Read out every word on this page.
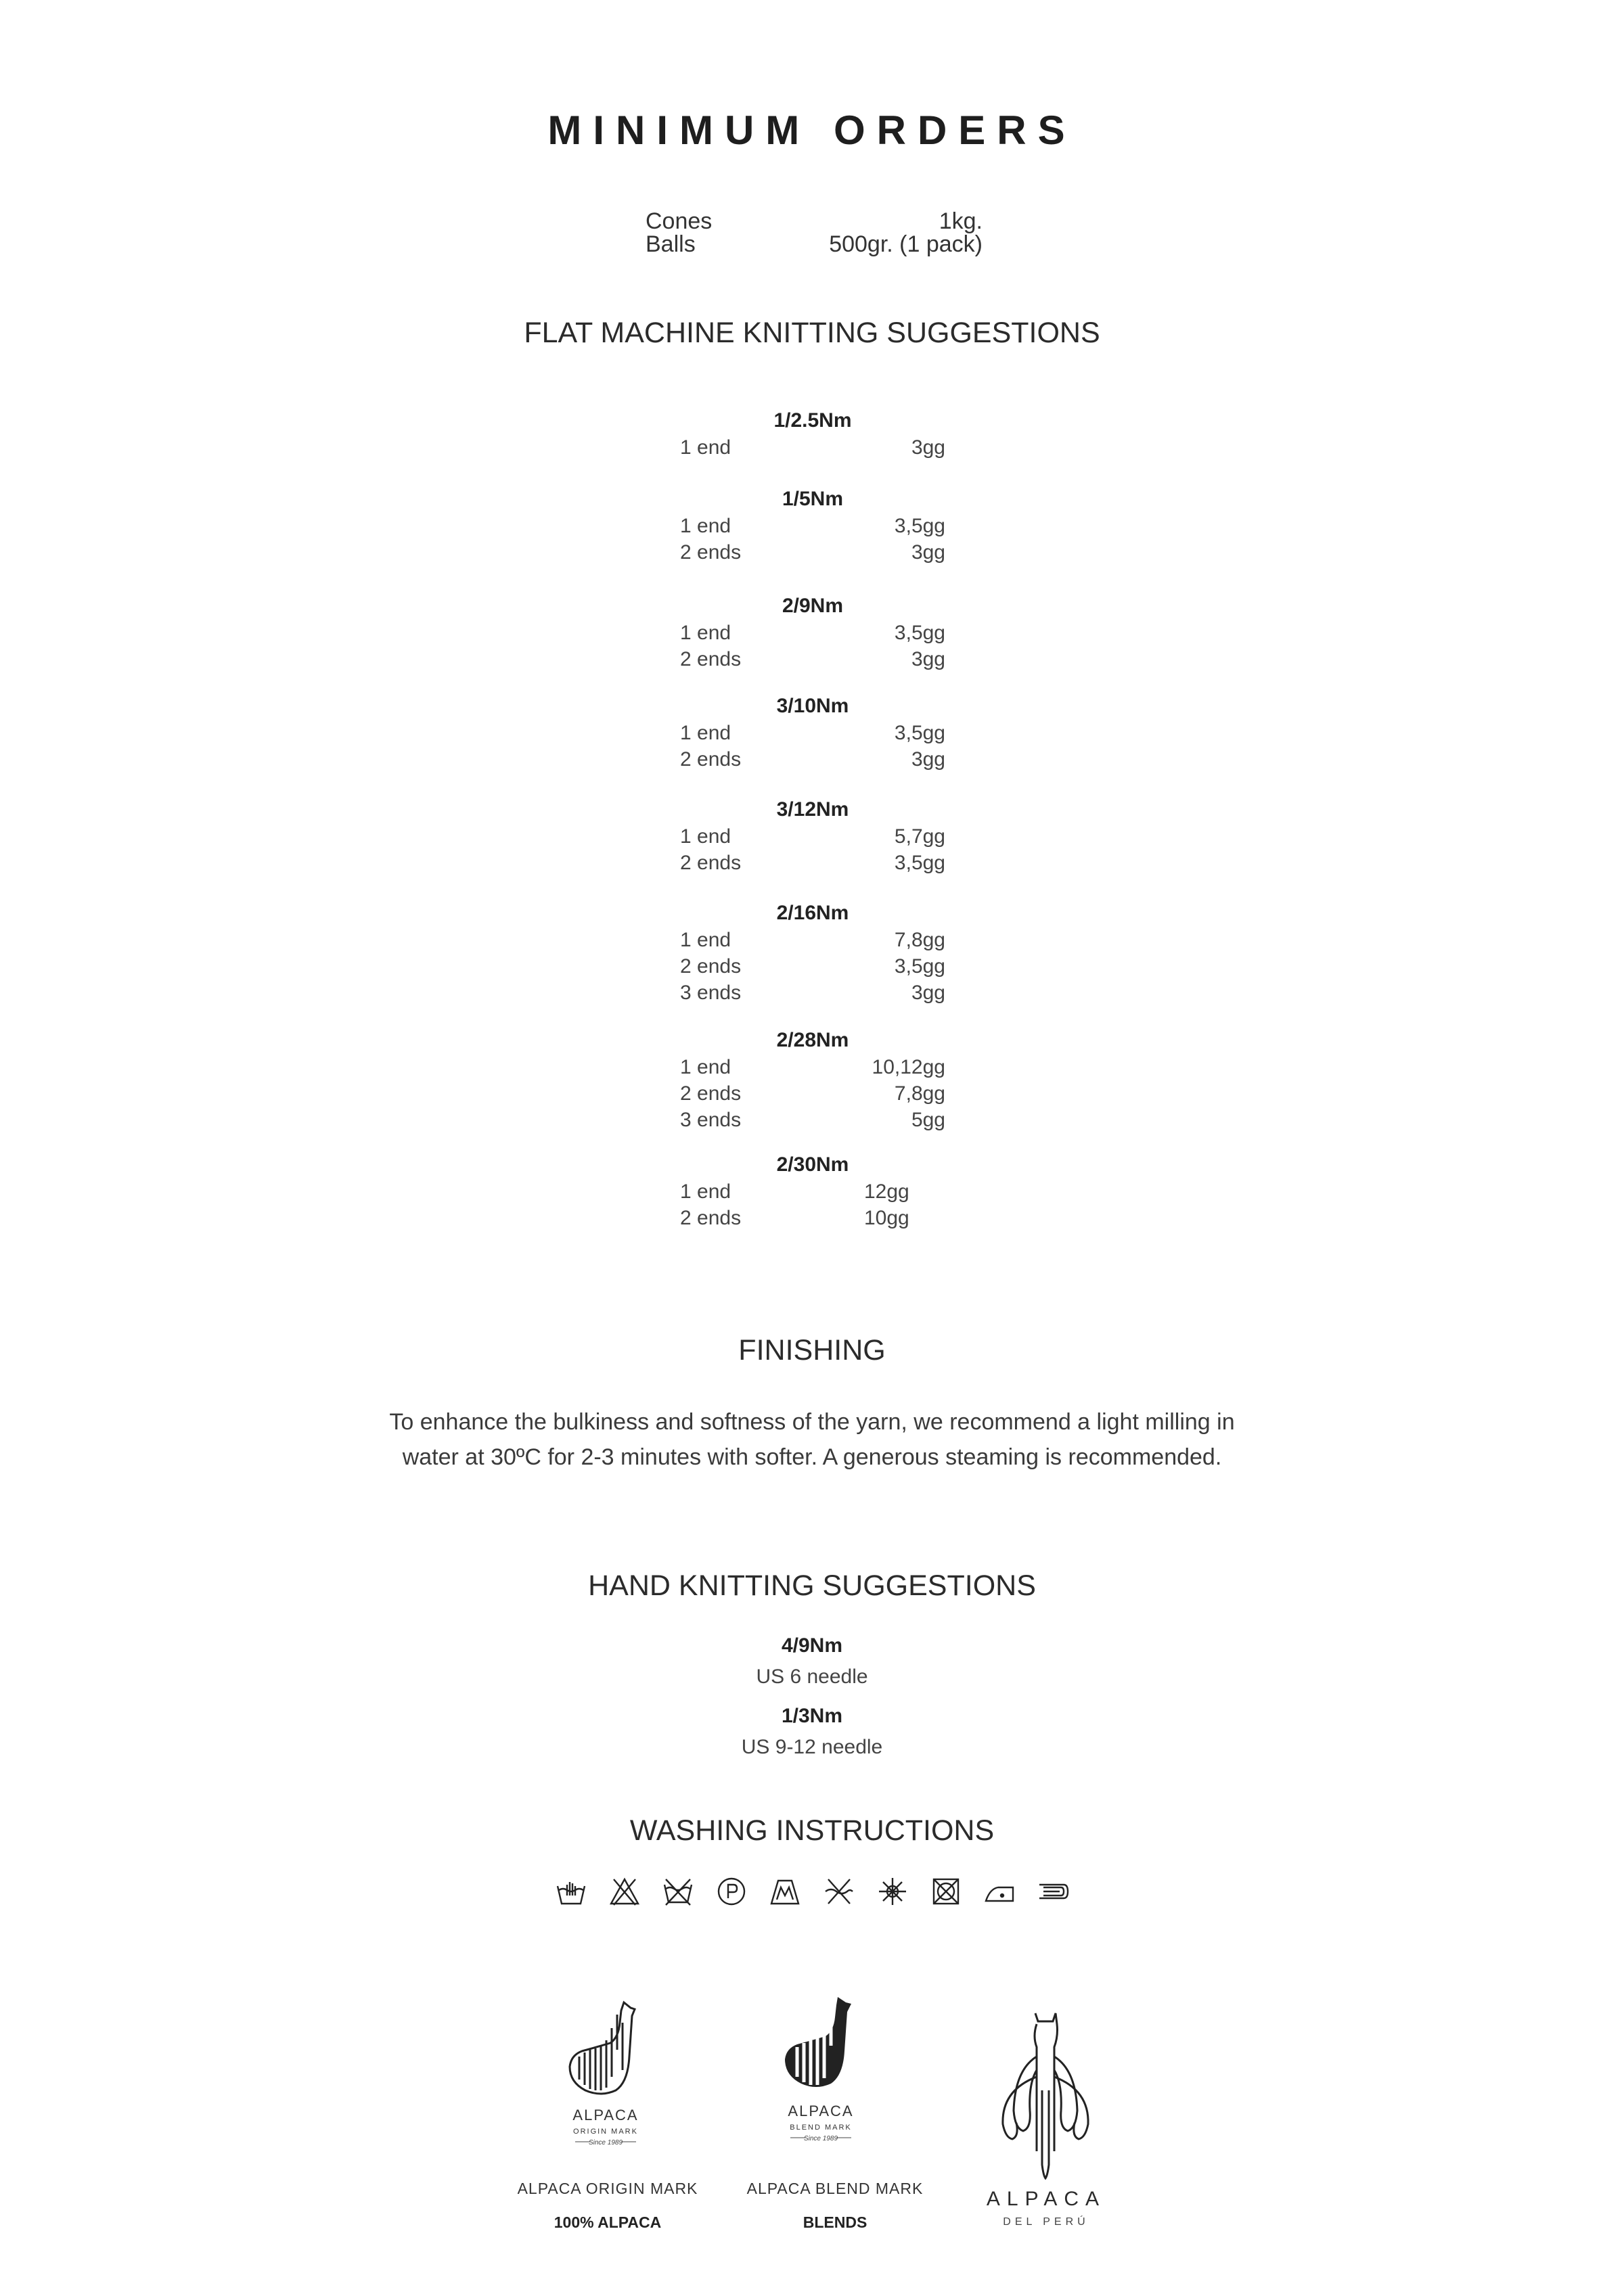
MINIMUM ORDERS
Cones	1kg.
Balls	500gr. (1 pack)
FLAT MACHINE KNITTING SUGGESTIONS
1/2.5Nm
1 end	3gg
1/5Nm
1 end	3,5gg
2 ends	3gg
2/9Nm
1 end	3,5gg
2 ends	3gg
3/10Nm
1 end	3,5gg
2 ends	3gg
3/12Nm
1 end	5,7gg
2 ends	3,5gg
2/16Nm
1 end	7,8gg
2 ends	3,5gg
3 ends	3gg
2/28Nm
1 end	10,12gg
2 ends	7,8gg
3 ends	5gg
2/30Nm
1 end	12gg
2 ends	10gg
FINISHING
To enhance the bulkiness and softness of the yarn, we recommend a light milling in
water at 30ºC for 2-3 minutes with softer. A generous steaming is recommended.
HAND KNITTING SUGGESTIONS
4/9Nm
US 6 needle
1/3Nm
US 9-12 needle
WASHING INSTRUCTIONS
ALPACA
ORIGIN MARK
Since 1989
ALPACA ORIGIN MARK
100% ALPACA
ALPACA
BLEND MARK
Since 1989
ALPACA BLEND MARK
BLENDS
ALPACA
DEL PERÚ
